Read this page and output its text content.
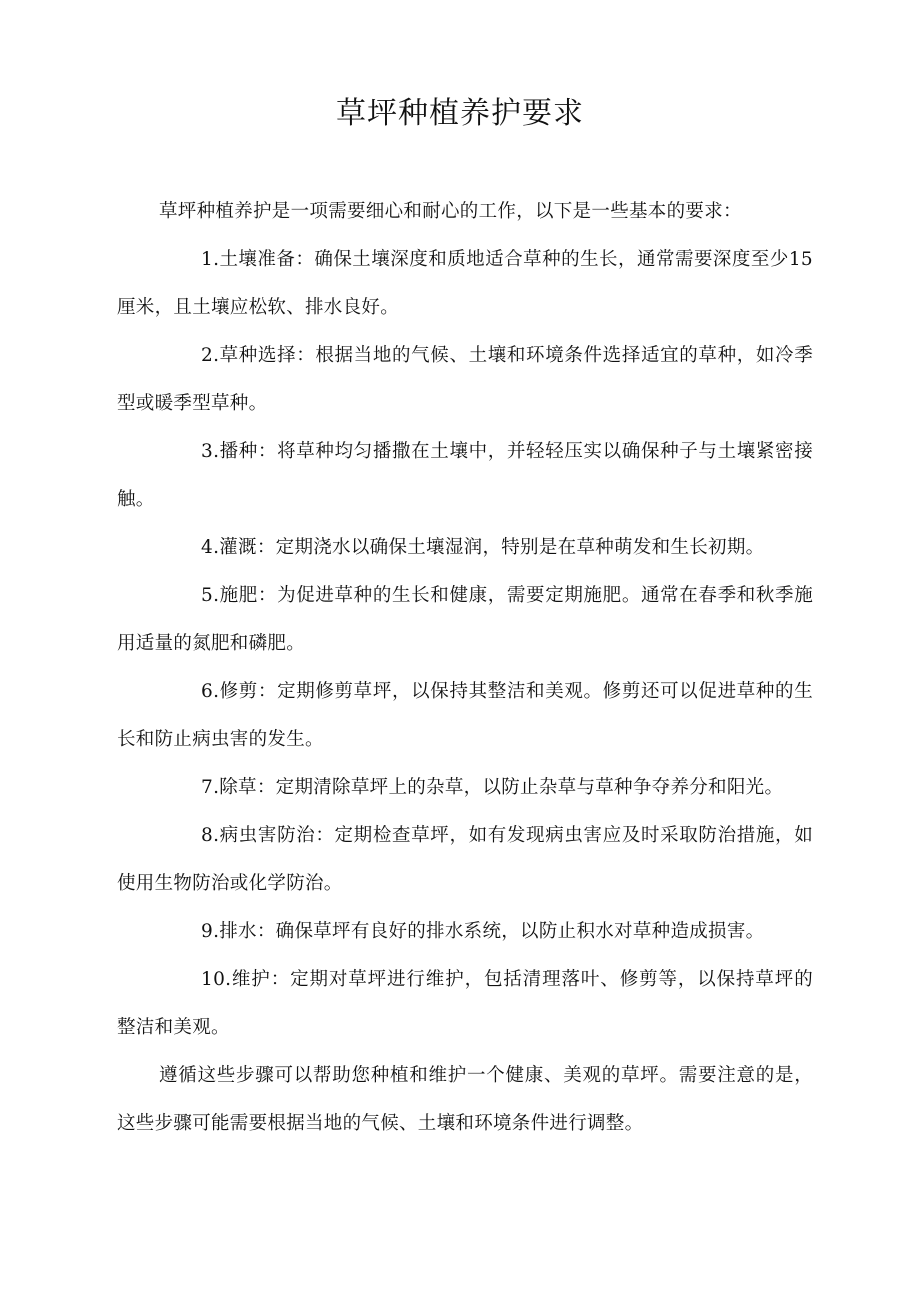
草坪种植养护要求

草坪种植养护是一项需要细心和耐心的工作，以下是一些基本的要求：

1.土壤准备：确保土壤深度和质地适合草种的生长，通常需要深度至少15厘米，且土壤应松软、排水良好。

2.草种选择：根据当地的气候、土壤和环境条件选择适宜的草种，如冷季型或暖季型草种。

3.播种：将草种均匀播撒在土壤中，并轻轻压实以确保种子与土壤紧密接触。

4.灌溉：定期浇水以确保土壤湿润，特别是在草种萌发和生长初期。

5.施肥：为促进草种的生长和健康，需要定期施肥。通常在春季和秋季施用适量的氮肥和磷肥。

6.修剪：定期修剪草坪，以保持其整洁和美观。修剪还可以促进草种的生长和防止病虫害的发生。

7.除草：定期清除草坪上的杂草，以防止杂草与草种争夺养分和阳光。

8.病虫害防治：定期检查草坪，如有发现病虫害应及时采取防治措施，如使用生物防治或化学防治。

9.排水：确保草坪有良好的排水系统，以防止积水对草种造成损害。

10.维护：定期对草坪进行维护，包括清理落叶、修剪等，以保持草坪的整洁和美观。

遵循这些步骤可以帮助您种植和维护一个健康、美观的草坪。需要注意的是，这些步骤可能需要根据当地的气候、土壤和环境条件进行调整。
